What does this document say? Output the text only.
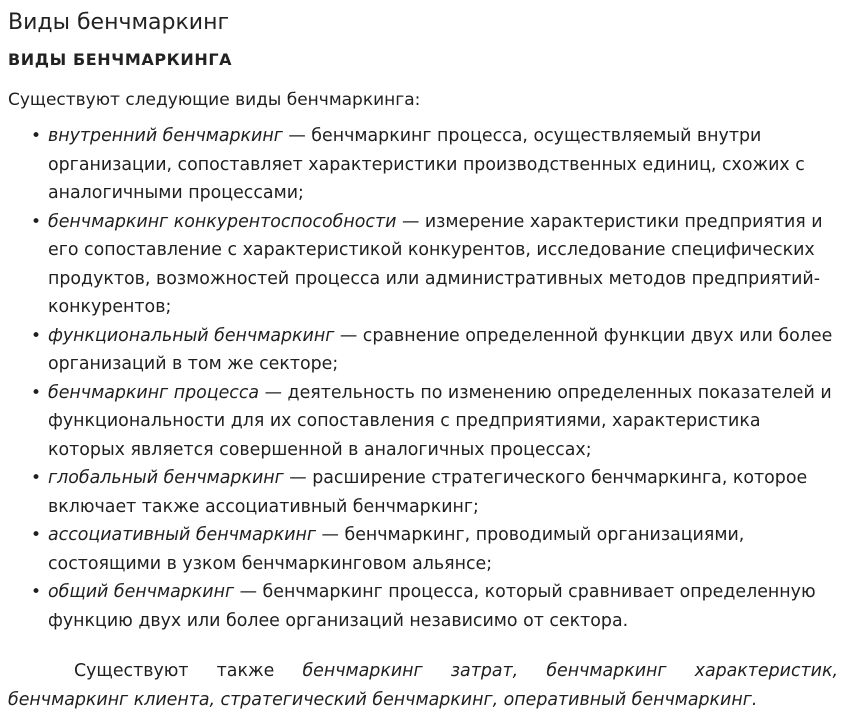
Виды бенчмаркинг
ВИДЫ БЕНЧМАРКИНГА

Существуют следующие виды бенчмаркинга:

• внутренний бенчмаркинг — бенчмаркинг процесса, осуществляемый внутри организации, сопоставляет характеристики производственных единиц, схожих с аналогичными процессами;
• бенчмаркинг конкурентоспособности — измерение характеристики предприятия и его сопоставление с характеристикой конкурентов, исследование специфических продуктов, возможностей процесса или административных методов предприятий-конкурентов;
• функциональный бенчмаркинг — сравнение определенной функции двух или более организаций в том же секторе;
• бенчмаркинг процесса — деятельность по изменению определенных показателей и функциональности для их сопоставления с предприятиями, характеристика которых является совершенной в аналогичных процессах;
• глобальный бенчмаркинг — расширение стратегического бенчмаркинга, которое включает также ассоциативный бенчмаркинг;
• ассоциативный бенчмаркинг — бенчмаркинг, проводимый организациями, состоящими в узком бенчмаркинговом альянсе;
• общий бенчмаркинг — бенчмаркинг процесса, который сравнивает определенную функцию двух или более организаций независимо от сектора.

Существуют также бенчмаркинг затрат, бенчмаркинг характеристик, бенчмаркинг клиента, стратегический бенчмаркинг, оперативный бенчмаркинг.
